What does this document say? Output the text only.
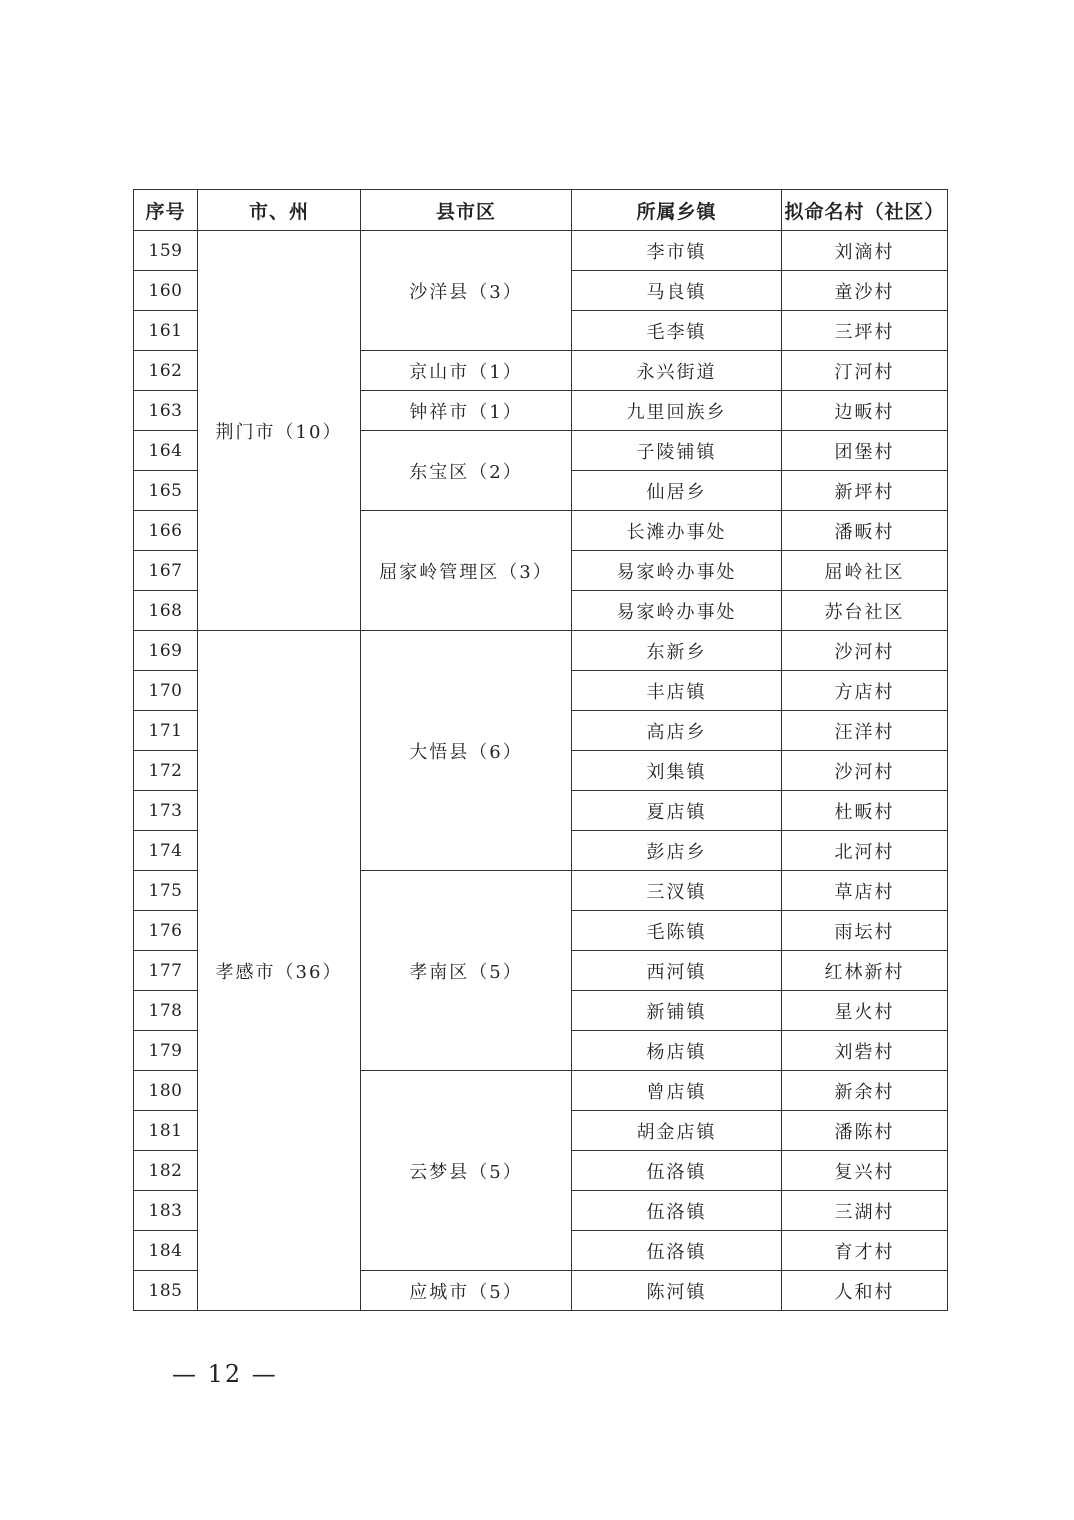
序号	市、州	县市区	所属乡镇	拟命名村（社区）
159	荆门市（10）	沙洋县（3）	李市镇	刘滴村
160			马良镇	童沙村
161			毛李镇	三坪村
162		京山市（1）	永兴街道	汀河村
163		钟祥市（1）	九里回族乡	边畈村
164		东宝区（2）	子陵铺镇	团堡村
165			仙居乡	新坪村
166		屈家岭管理区（3）	长滩办事处	潘畈村
167			易家岭办事处	屈岭社区
168			易家岭办事处	苏台社区
169	孝感市（36）	大悟县（6）	东新乡	沙河村
170			丰店镇	方店村
171			高店乡	汪洋村
172			刘集镇	沙河村
173			夏店镇	杜畈村
174			彭店乡	北河村
175		孝南区（5）	三汊镇	草店村
176			毛陈镇	雨坛村
177			西河镇	红林新村
178			新铺镇	星火村
179			杨店镇	刘砦村
180		云梦县（5）	曾店镇	新余村
181			胡金店镇	潘陈村
182			伍洛镇	复兴村
183			伍洛镇	三湖村
184			伍洛镇	育才村
185		应城市（5）	陈河镇	人和村
— 12 —
